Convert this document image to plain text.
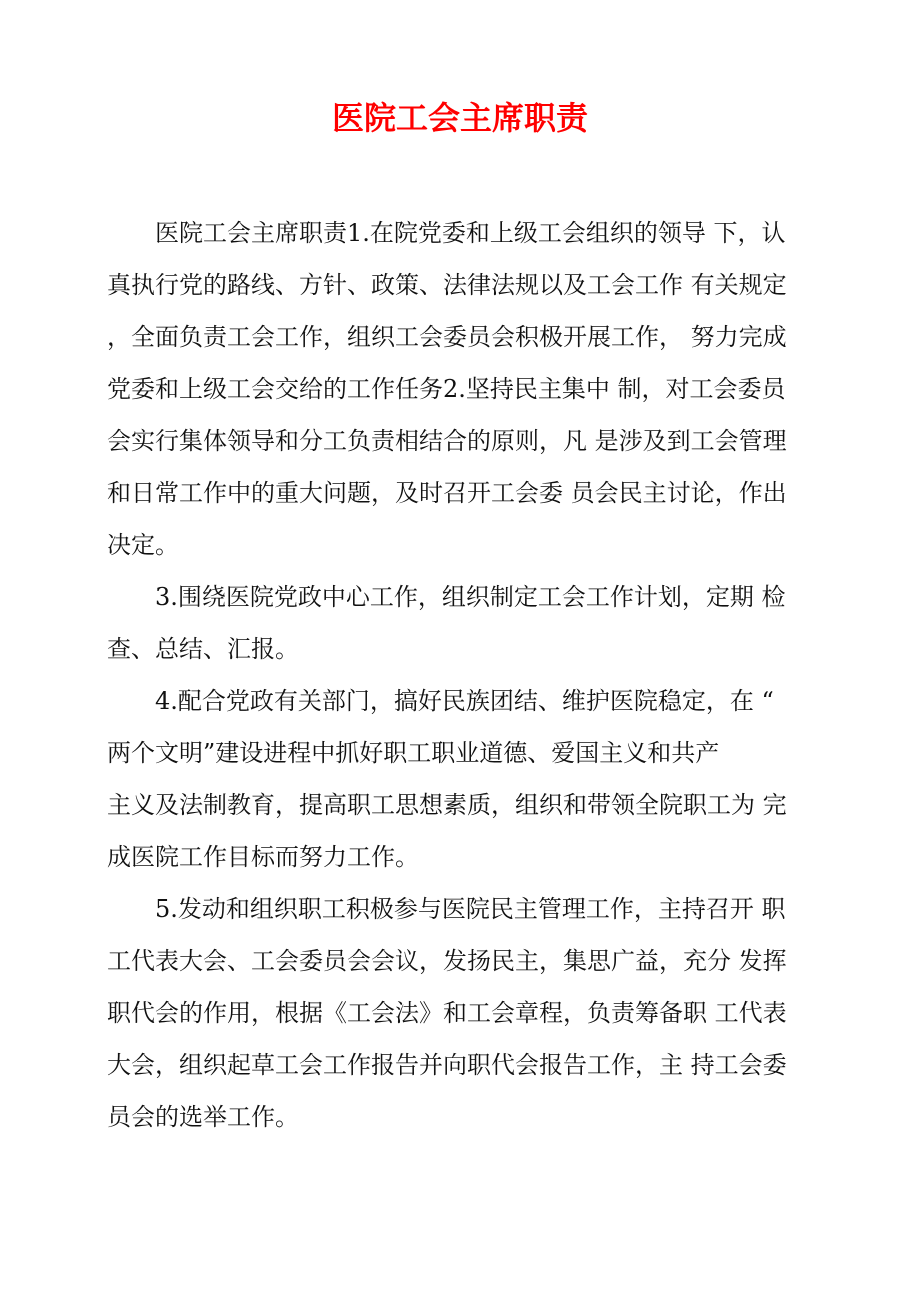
医院工会主席职责
医院工会主席职责1.在院党委和上级工会组织的领导 下，认
真执行党的路线、方针、政策、法律法规以及工会工作 有关规定
，全面负责工会工作，组织工会委员会积极开展工作， 努力完成
党委和上级工会交给的工作任务2.坚持民主集中 制，对工会委员
会实行集体领导和分工负责相结合的原则，凡 是涉及到工会管理
和日常工作中的重大问题，及时召开工会委 员会民主讨论，作出
决定。
3.围绕医院党政中心工作，组织制定工会工作计划，定期 检
查、总结、汇报。
4.配合党政有关部门，搞好民族团结、维护医院稳定，在 “
两个文明”建设进程中抓好职工职业道德、爱国主义和共产
主义及法制教育，提高职工思想素质，组织和带领全院职工为 完
成医院工作目标而努力工作。
5.发动和组织职工积极参与医院民主管理工作，主持召开 职
工代表大会、工会委员会会议，发扬民主，集思广益，充分 发挥
职代会的作用，根据《工会法》和工会章程，负责筹备职 工代表
大会，组织起草工会工作报告并向职代会报告工作，主 持工会委
员会的选举工作。
